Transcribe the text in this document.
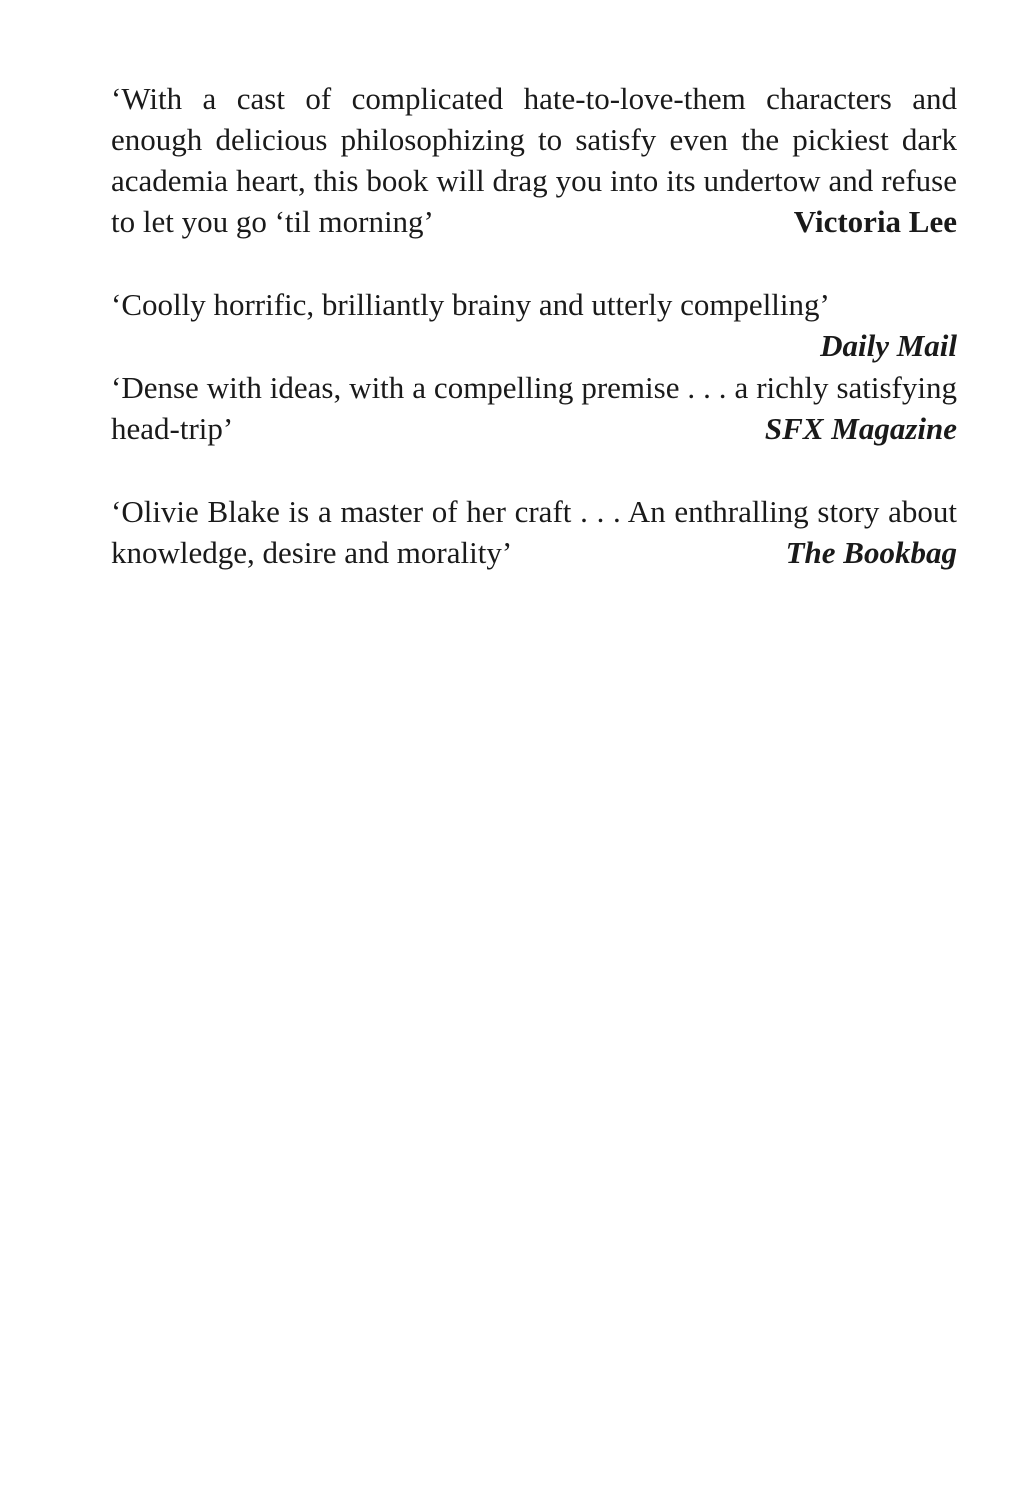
‘With a cast of complicated hate-to-love-them characters and enough delicious philosophizing to satisfy even the pickiest dark academia heart, this book will drag you into its undertow and refuse to let you go ‘til morning’	Victoria Lee
‘Coolly horrific, brilliantly brainy and utterly compelling’
Daily Mail
‘Dense with ideas, with a compelling premise . . . a richly satisfying head-trip’	SFX Magazine
‘Olivie Blake is a master of her craft . . . An enthralling story about knowledge, desire and morality’	The Bookbag
